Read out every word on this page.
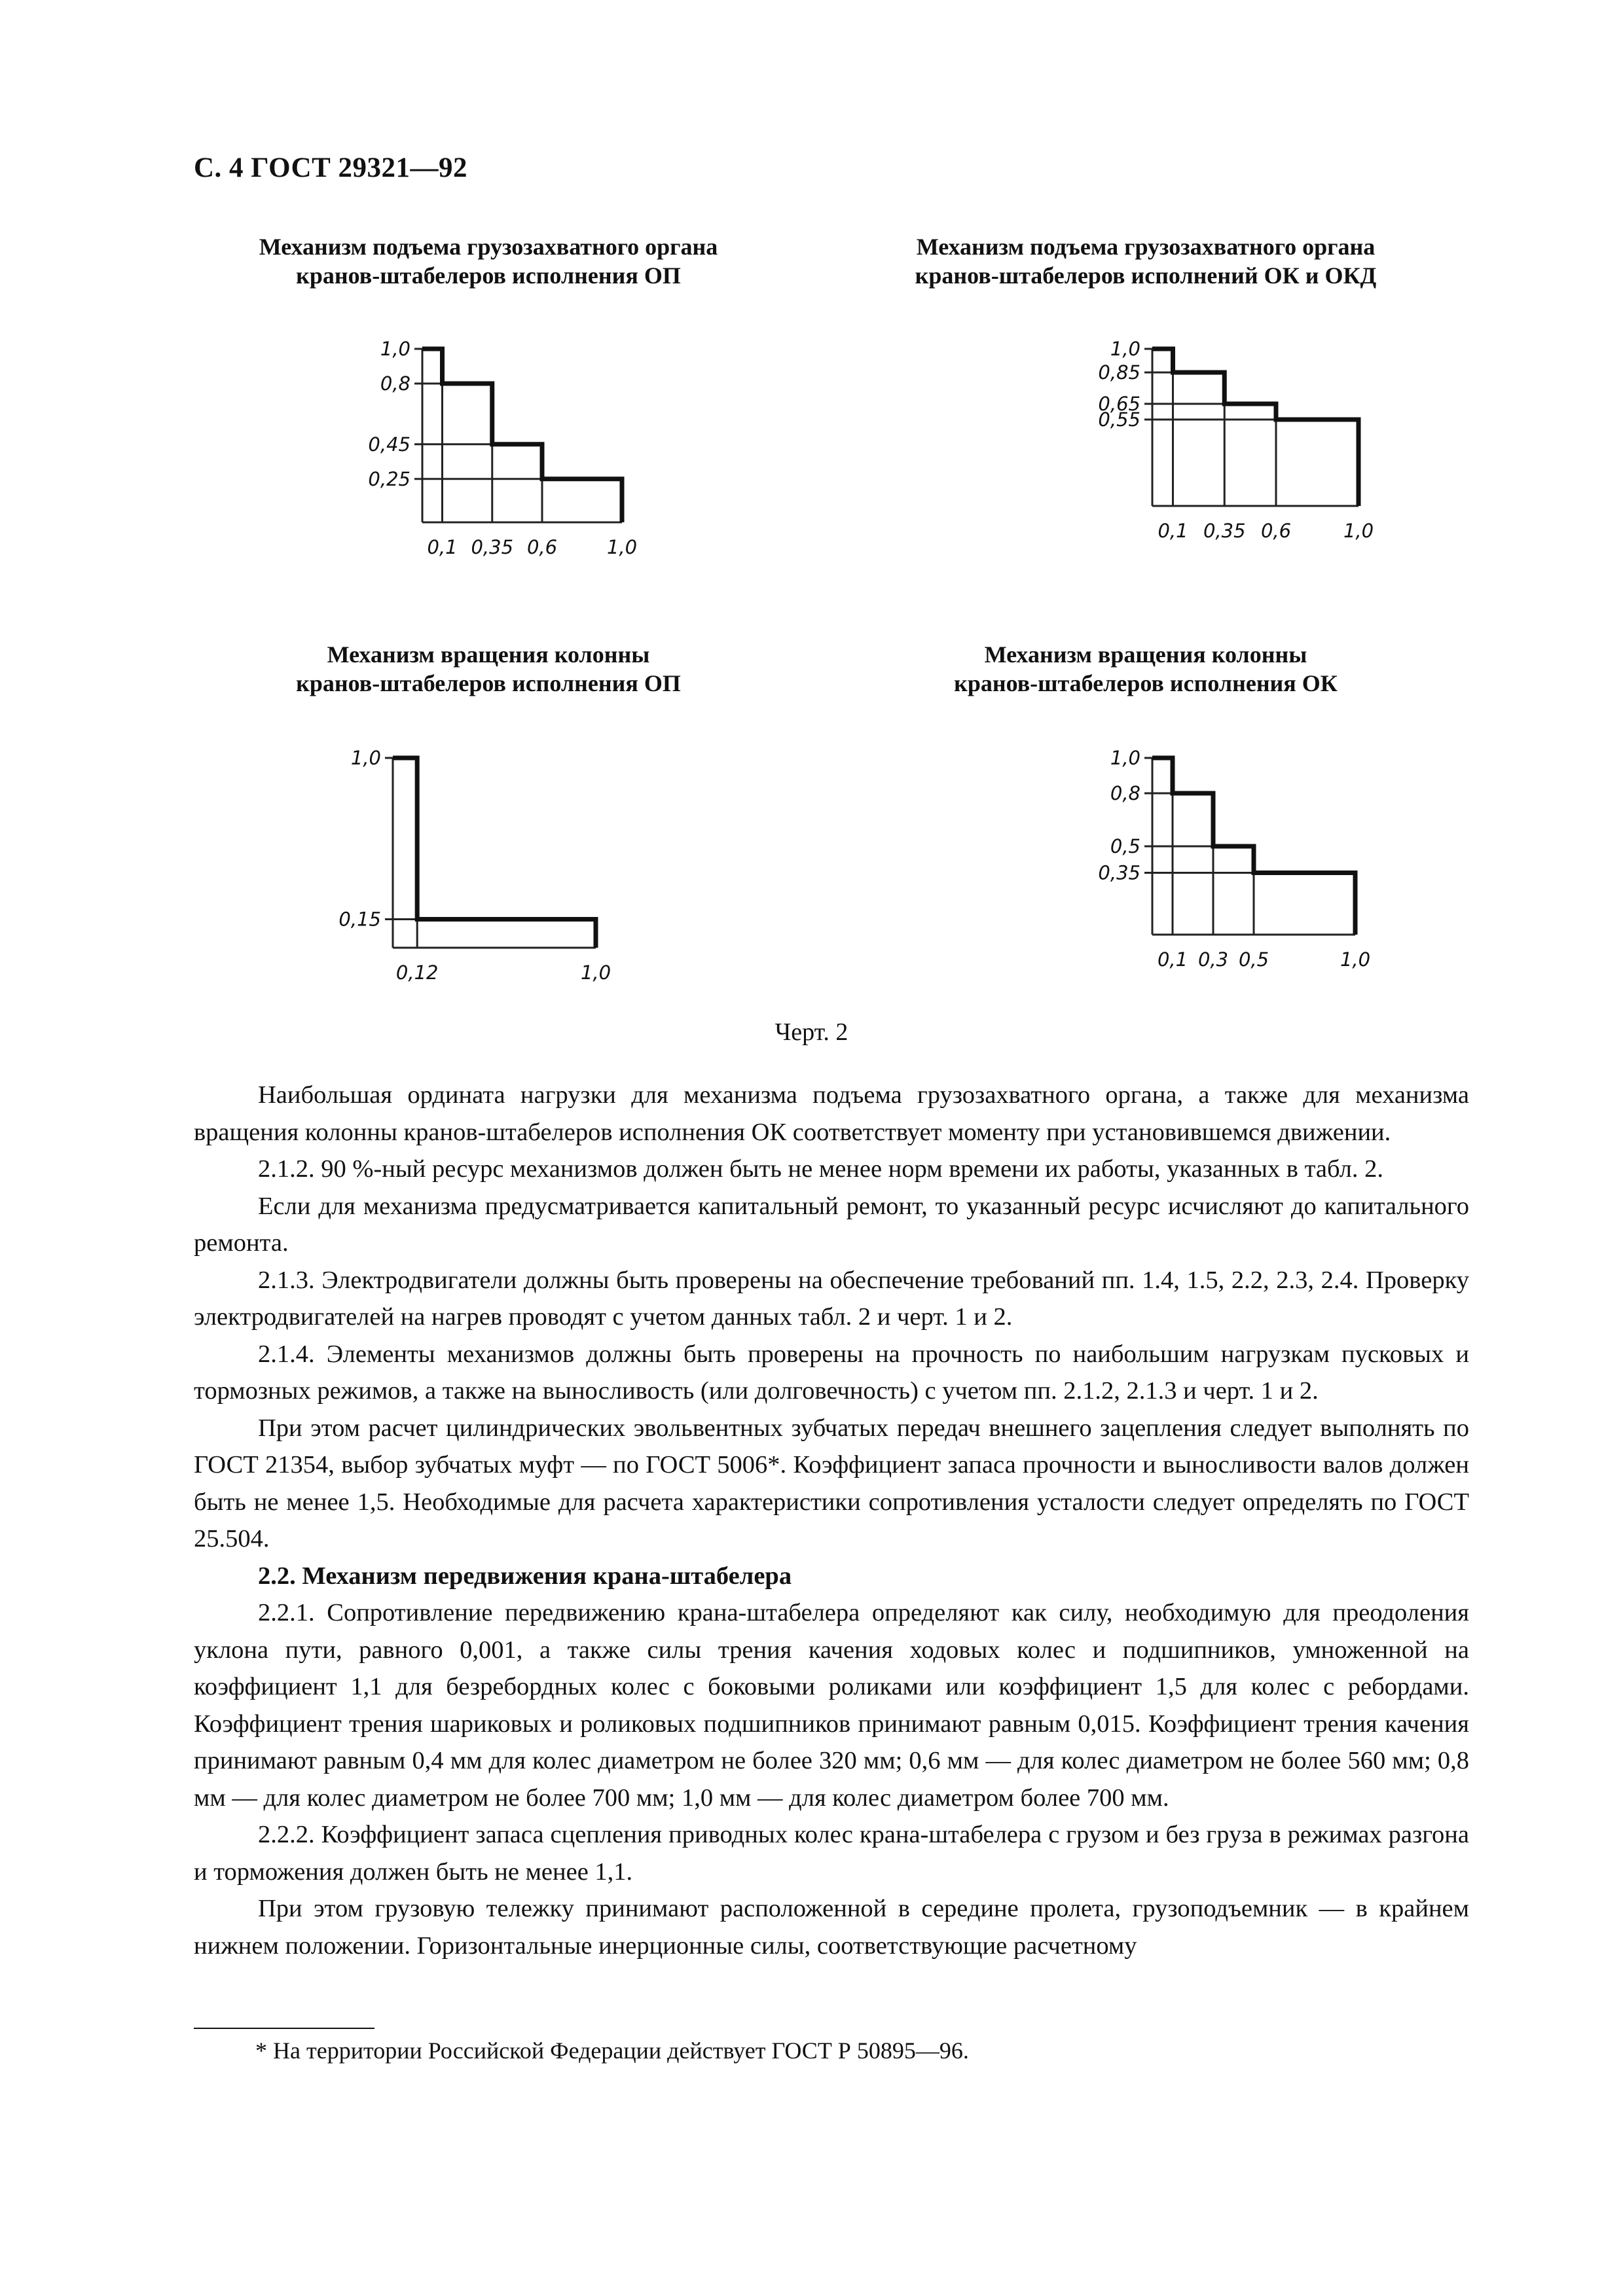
С. 4 ГОСТ 29321—92
Механизм подъема грузозахватного органа
кранов-штабелеров исполнения ОП
Механизм подъема грузозахватного органа
кранов-штабелеров исполнений ОК и ОКД
Механизм вращения колонны
кранов-штабелеров исполнения ОП
Механизм вращения колонны
кранов-штабелеров исполнения ОК
1,0
0,8
0,45
0,25
0,1 0,35 0,6	1,0
1,0
0,85
0,65
0,55
0,1 0,35 0,6	1,0
1,0
0,15
0,12	1,0
1,0
0,8
0,5
0,35
0,1 0,3 0,5	1,0
Черт. 2

Наибольшая ордината нагрузки для механизма подъема грузозахватного органа, а также для механизма вращения колонны кранов-штабелеров исполнения ОК соответствует моменту при установившемся движении.

2.1.2. 90 %-ный ресурс механизмов должен быть не менее норм времени их работы, указанных в табл. 2.

Если для механизма предусматривается капитальный ремонт, то указанный ресурс исчисляют до капитального ремонта.

2.1.3. Электродвигатели должны быть проверены на обеспечение требований пп. 1.4, 1.5, 2.2, 2.3, 2.4. Проверку электродвигателей на нагрев проводят с учетом данных табл. 2 и черт. 1 и 2.

2.1.4. Элементы механизмов должны быть проверены на прочность по наибольшим нагрузкам пусковых и тормозных режимов, а также на выносливость (или долговечность) с учетом пп. 2.1.2, 2.1.3 и черт. 1 и 2.

При этом расчет цилиндрических эвольвентных зубчатых передач внешнего зацепления следует выполнять по ГОСТ 21354, выбор зубчатых муфт — по ГОСТ 5006*. Коэффициент запаса прочности и выносливости валов должен быть не менее 1,5. Необходимые для расчета характеристики сопротивления усталости следует определять по ГОСТ 25.504.

2.2. Механизм передвижения крана-штабелера

2.2.1. Сопротивление передвижению крана-штабелера определяют как силу, необходимую для преодоления уклона пути, равного 0,001, а также силы трения качения ходовых колес и подшипников, умноженной на коэффициент 1,1 для безребордных колес с боковыми роликами или коэффициент 1,5 для колес с ребордами. Коэффициент трения шариковых и роликовых подшипников принимают равным 0,015. Коэффициент трения качения принимают равным 0,4 мм для колес диаметром не более 320 мм; 0,6 мм — для колес диаметром не более 560 мм; 0,8 мм — для колес диаметром не более 700 мм; 1,0 мм — для колес диаметром более 700 мм.

2.2.2. Коэффициент запаса сцепления приводных колес крана-штабелера с грузом и без груза в режимах разгона и торможения должен быть не менее 1,1.

При этом грузовую тележку принимают расположенной в середине пролета, грузоподъемник — в крайнем нижнем положении. Горизонтальные инерционные силы, соответствующие расчетному

* На территории Российской Федерации действует ГОСТ Р 50895—96.
